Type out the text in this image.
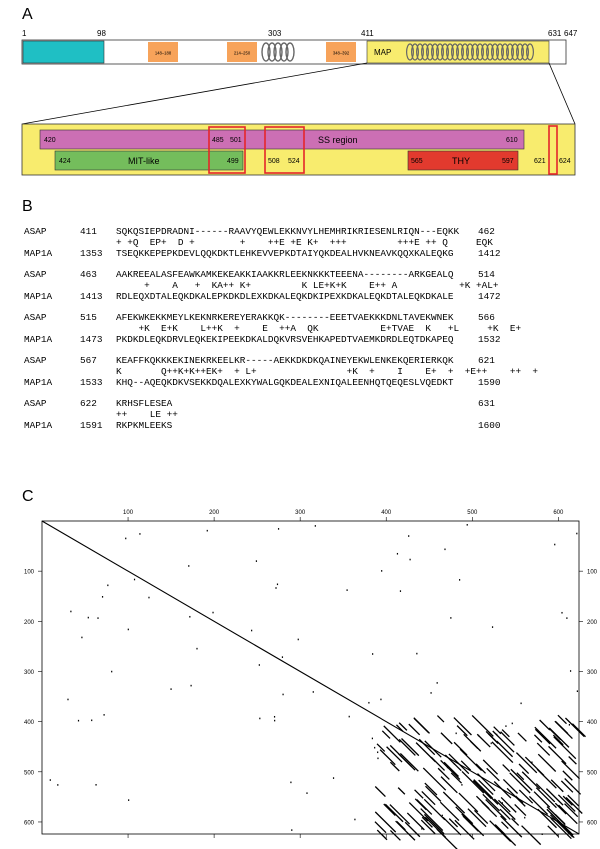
A
B
C
1	98	303	411	631 647
148–188	214–250	348–392	MAP
420	SS region	610
424	MIT-like	499
485 501
508 524	565	THY	597	621 624
ASAP	411 SQKQSIEPDRADNI------RAAVYQEWLEKKNVYLHEMHRIKRIESENLRIQN---EQKK 462
+ +Q  EP+  D +        +    ++E +E K+  +++         +++E ++ Q     EQK
MAP1A	1353 TSEQKKEPEPKDEVLQQKDKTLEHKEVVEPKDTAIYQKDEALHVKNEAVKQQXKALEQKG	1412
ASAP	463 AAKREEALASFEAWKAMKEKEAKKIAAKKRLEEKNKKKTEEENA--------ARKGEALQ	514
+    A   +  KA++ K+         K LE+K+K    E++ A           +K +AL+
MAP1A	1413 RDLEQXDTALEQKDKALEPKDKDLEXKDKALEQKDKIPEXKDKALEQKDTALEQKDKALE	1472
ASAP	515 AFEKWKEKKMEYLKEKNRKEREYERAKKQK--------EEETVAEKKKDNLTAVEKWNEK	566
+K  E+K    L++K  +    E  ++A  QK           E+TVAE  K   +L     +K  E+
MAP1A	1473 PKDKDLEQKDRVLEQKEKIPEEKDKALDQKVRSVEHKAPEDTVAEMKDRDLEQTDKAPEQ	1532
ASAP	567 KEAFFKQKKKEKINEKRKEELKR-----AEKKDKDKQAINEYEKWLENKEKQERIERKQK	621
K       Q++K+K++EK+  + L+                +K  +    I    E+  +  +E++    ++  +
MAP1A	1533 KHQ--AQEQKDKVSEKKDQALEXKYWALGQKDEALEXNIQALEENHQTQEQESLVQEDKT	1590
ASAP	622 KRHSFLESEA	631
++    LE ++
MAP1A	1591 RKPKMLEEKS	1600
100
100	100
200
200	200
300
300	300
400
400	400
500
500	500
600
600	600
